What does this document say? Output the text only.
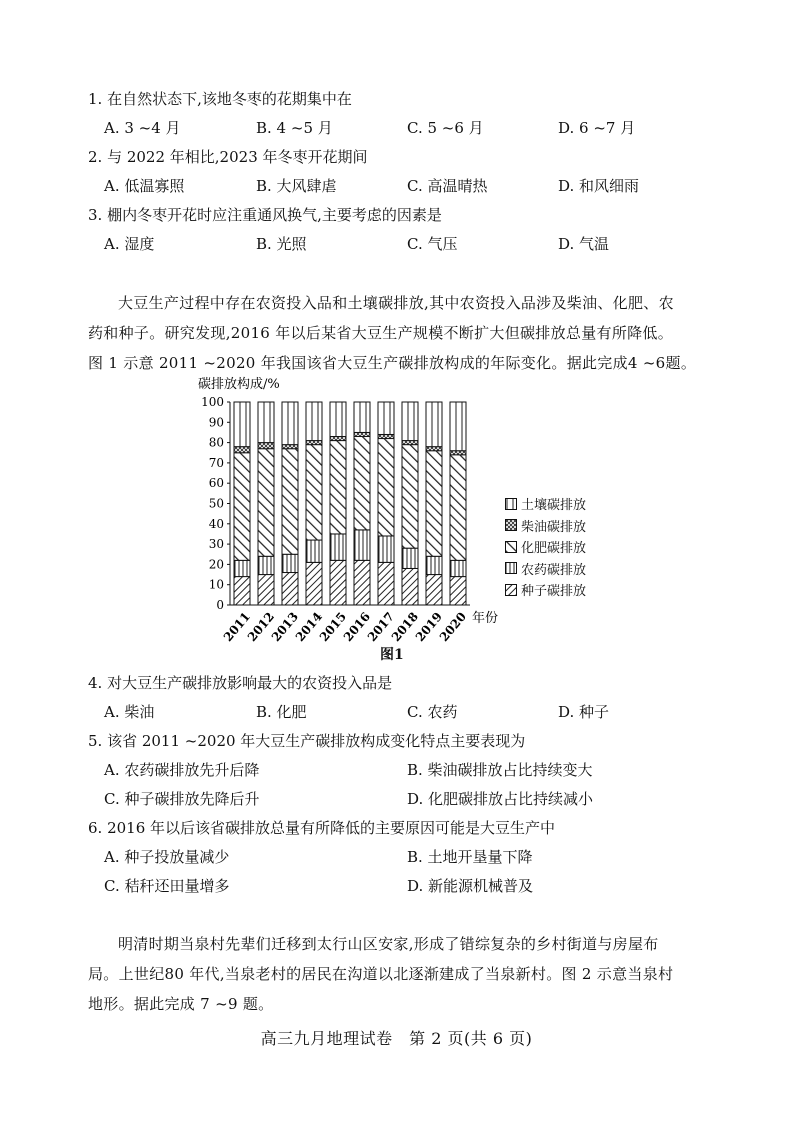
1. 在自然状态下,该地冬枣的花期集中在
A. 3 ~4 月	B. 4 ~5 月	C. 5 ~6 月	D. 6 ~7 月
2. 与 2022 年相比,2023 年冬枣开花期间
A. 低温寡照	B. 大风肆虐	C. 高温晴热	D. 和风细雨
3. 棚内冬枣开花时应注重通风换气,主要考虑的因素是
A. 湿度	B. 光照	C. 气压	D. 气温
大豆生产过程中存在农资投入品和土壤碳排放,其中农资投入品涉及柴油、化肥、农
药和种子。研究发现,2016 年以后某省大豆生产规模不断扩大但碳排放总量有所降低。
图 1 示意 2011 ~2020 年我国该省大豆生产碳排放构成的年际变化。据此完成4 ~6题。
碳排放构成/%
0
10
20
30
40
50
60
70
80
90
100
2011
2012
2013
2014
2015
2016
2017
2018
2019
2020 年份
土壤碳排放
柴油碳排放
化肥碳排放
农药碳排放
种子碳排放
图1
4. 对大豆生产碳排放影响最大的农资投入品是
A. 柴油	B. 化肥	C. 农药	D. 种子
5. 该省 2011 ~2020 年大豆生产碳排放构成变化特点主要表现为
A. 农药碳排放先升后降	B. 柴油碳排放占比持续变大
C. 种子碳排放先降后升	D. 化肥碳排放占比持续减小
6. 2016 年以后该省碳排放总量有所降低的主要原因可能是大豆生产中
A. 种子投放量减少	B. 土地开垦量下降
C. 秸秆还田量增多	D. 新能源机械普及
明清时期当泉村先辈们迁移到太行山区安家,形成了错综复杂的乡村街道与房屋布
局。上世纪80 年代,当泉老村的居民在沟道以北逐渐建成了当泉新村。图 2 示意当泉村
地形。据此完成 7 ~9 题。
高三九月地理试卷　第 2 页(共 6 页)
